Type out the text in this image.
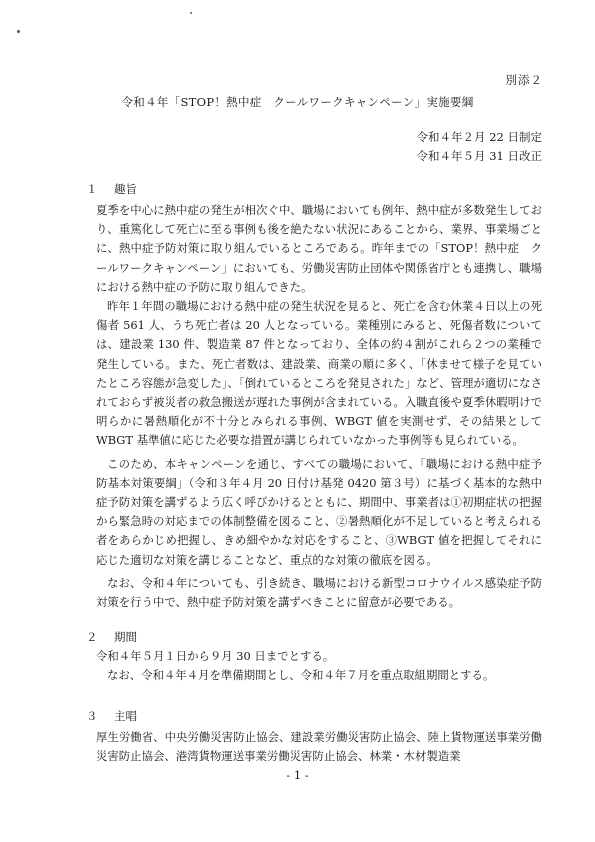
別添２
令和４年「STOP！熱中症　クールワークキャンペーン」実施要綱
令和４年２月 22 日制定
令和４年５月 31 日改正
１ 趣旨
夏季を中心に熱中症の発生が相次ぐ中、職場においても例年、熱中症が多数発生しており、重篤化して死亡に至る事例も後を絶たない状況にあることから、業界、事業場ごとに、熱中症予防対策に取り組んでいるところである。昨年までの「STOP！熱中症　クールワークキャンペーン」においても、労働災害防止団体や関係省庁とも連携し、職場における熱中症の予防に取り組んできた。
昨年１年間の職場における熱中症の発生状況を見ると、死亡を含む休業４日以上の死傷者 561 人、うち死亡者は 20 人となっている。業種別にみると、死傷者数については、建設業 130 件、製造業 87 件となっており、全体の約４割がこれら２つの業種で発生している。また、死亡者数は、建設業、商業の順に多く、「休ませて様子を見ていたところ容態が急変した」、「倒れているところを発見された」など、管理が適切になされておらず被災者の救急搬送が遅れた事例が含まれている。入職直後や夏季休暇明けで明らかに暑熱順化が不十分とみられる事例、WBGT 値を実測せず、その結果として WBGT 基準値に応じた必要な措置が講じられていなかった事例等も見られている。
このため、本キャンペーンを通じ、すべての職場において、「職場における熱中症予防基本対策要綱」（令和３年４月 20 日付け基発 0420 第３号）に基づく基本的な熱中症予防対策を講ずるよう広く呼びかけるとともに、期間中、事業者は①初期症状の把握から緊急時の対応までの体制整備を図ること、②暑熱順化が不足していると考えられる者をあらかじめ把握し、きめ細やかな対応をすること、③WBGT 値を把握してそれに応じた適切な対策を講じることなど、重点的な対策の徹底を図る。
なお、令和４年についても、引き続き、職場における新型コロナウイルス感染症予防対策を行う中で、熱中症予防対策を講ずべきことに留意が必要である。
２ 期間
令和４年５月１日から９月 30 日までとする。
なお、令和４年４月を準備期間とし、令和４年７月を重点取組期間とする。
３ 主唱
厚生労働省、中央労働災害防止協会、建設業労働災害防止協会、陸上貨物運送事業労働災害防止協会、港湾貨物運送事業労働災害防止協会、林業・木材製造業
- 1 -
